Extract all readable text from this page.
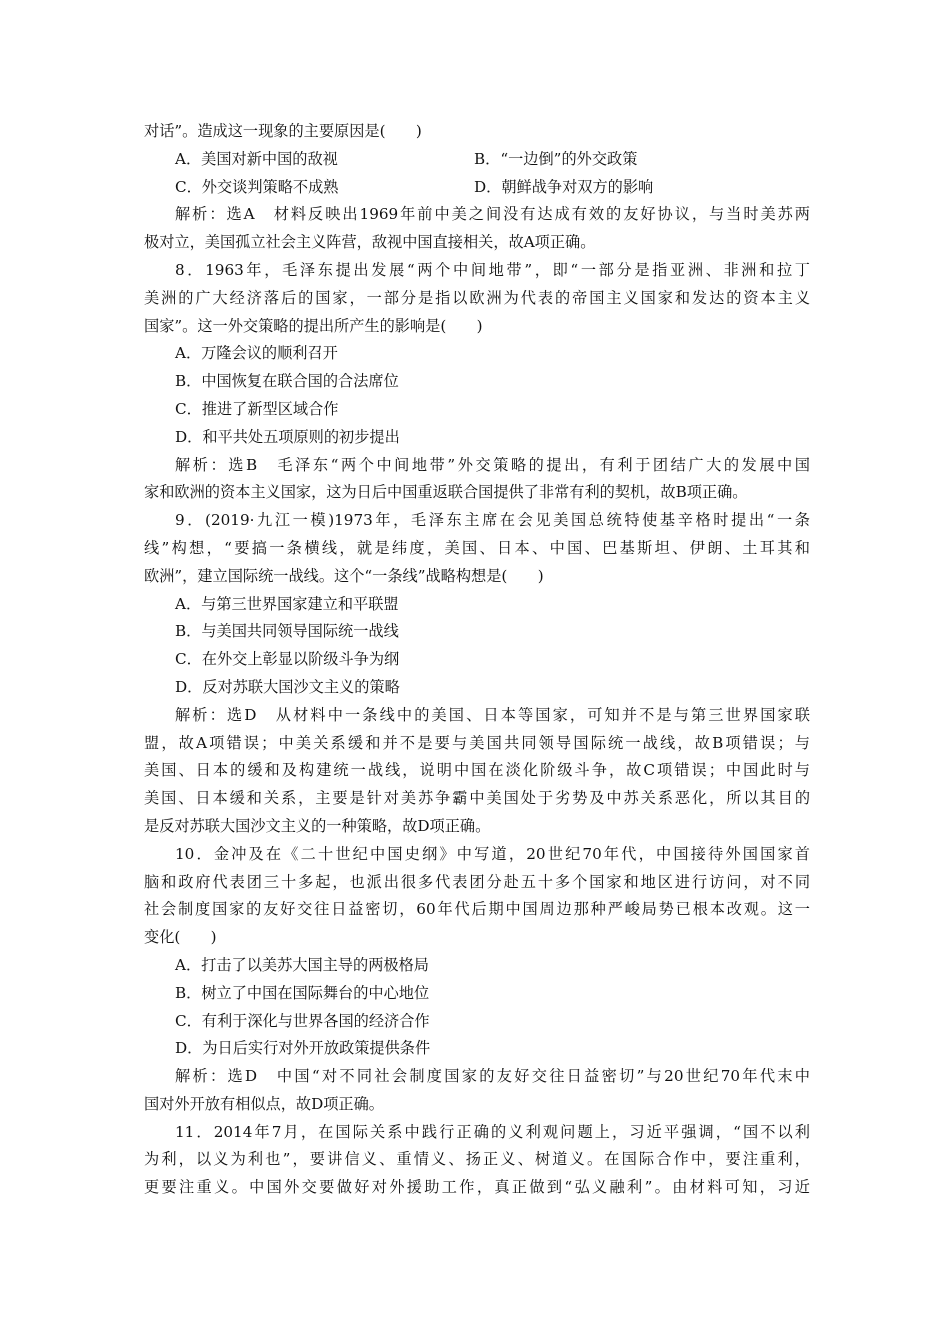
对话”。造成这一现象的主要原因是(　　)
A．美国对新中国的敌视	B．“一边倒”的外交政策
C．外交谈判策略不成熟	D．朝鲜战争对双方的影响
解析：选A　材料反映出1969年前中美之间没有达成有效的友好协议，与当时美苏两
极对立，美国孤立社会主义阵营，敌视中国直接相关，故A项正确。
8．1963年，毛泽东提出发展“两个中间地带”，即“一部分是指亚洲、非洲和拉丁
美洲的广大经济落后的国家，一部分是指以欧洲为代表的帝国主义国家和发达的资本主义
国家”。这一外交策略的提出所产生的影响是(　　)
A．万隆会议的顺利召开
B．中国恢复在联合国的合法席位
C．推进了新型区域合作
D．和平共处五项原则的初步提出
解析：选B　毛泽东“两个中间地带”外交策略的提出，有利于团结广大的发展中国
家和欧洲的资本主义国家，这为日后中国重返联合国提供了非常有利的契机，故B项正确。
9．(2019·九江一模)1973年，毛泽东主席在会见美国总统特使基辛格时提出“一条
线”构想，“要搞一条横线，就是纬度，美国、日本、中国、巴基斯坦、伊朗、土耳其和
欧洲”，建立国际统一战线。这个“一条线”战略构想是(　　)
A．与第三世界国家建立和平联盟
B．与美国共同领导国际统一战线
C．在外交上彰显以阶级斗争为纲
D．反对苏联大国沙文主义的策略
解析：选D　从材料中一条线中的美国、日本等国家，可知并不是与第三世界国家联
盟，故A项错误；中美关系缓和并不是要与美国共同领导国际统一战线，故B项错误；与
美国、日本的缓和及构建统一战线，说明中国在淡化阶级斗争，故C项错误；中国此时与
美国、日本缓和关系，主要是针对美苏争霸中美国处于劣势及中苏关系恶化，所以其目的
是反对苏联大国沙文主义的一种策略，故D项正确。
10．金冲及在《二十世纪中国史纲》中写道，20世纪70年代，中国接待外国国家首
脑和政府代表团三十多起，也派出很多代表团分赴五十多个国家和地区进行访问，对不同
社会制度国家的友好交往日益密切，60年代后期中国周边那种严峻局势已根本改观。这一
变化(　　)
A．打击了以美苏大国主导的两极格局
B．树立了中国在国际舞台的中心地位
C．有利于深化与世界各国的经济合作
D．为日后实行对外开放政策提供条件
解析：选D　中国“对不同社会制度国家的友好交往日益密切”与20世纪70年代末中
国对外开放有相似点，故D项正确。
11．2014年7月，在国际关系中践行正确的义利观问题上，习近平强调，“国不以利
为利，以义为利也”，要讲信义、重情义、扬正义、树道义。在国际合作中，要注重利，
更要注重义。中国外交要做好对外援助工作，真正做到“弘义融利”。由材料可知，习近
